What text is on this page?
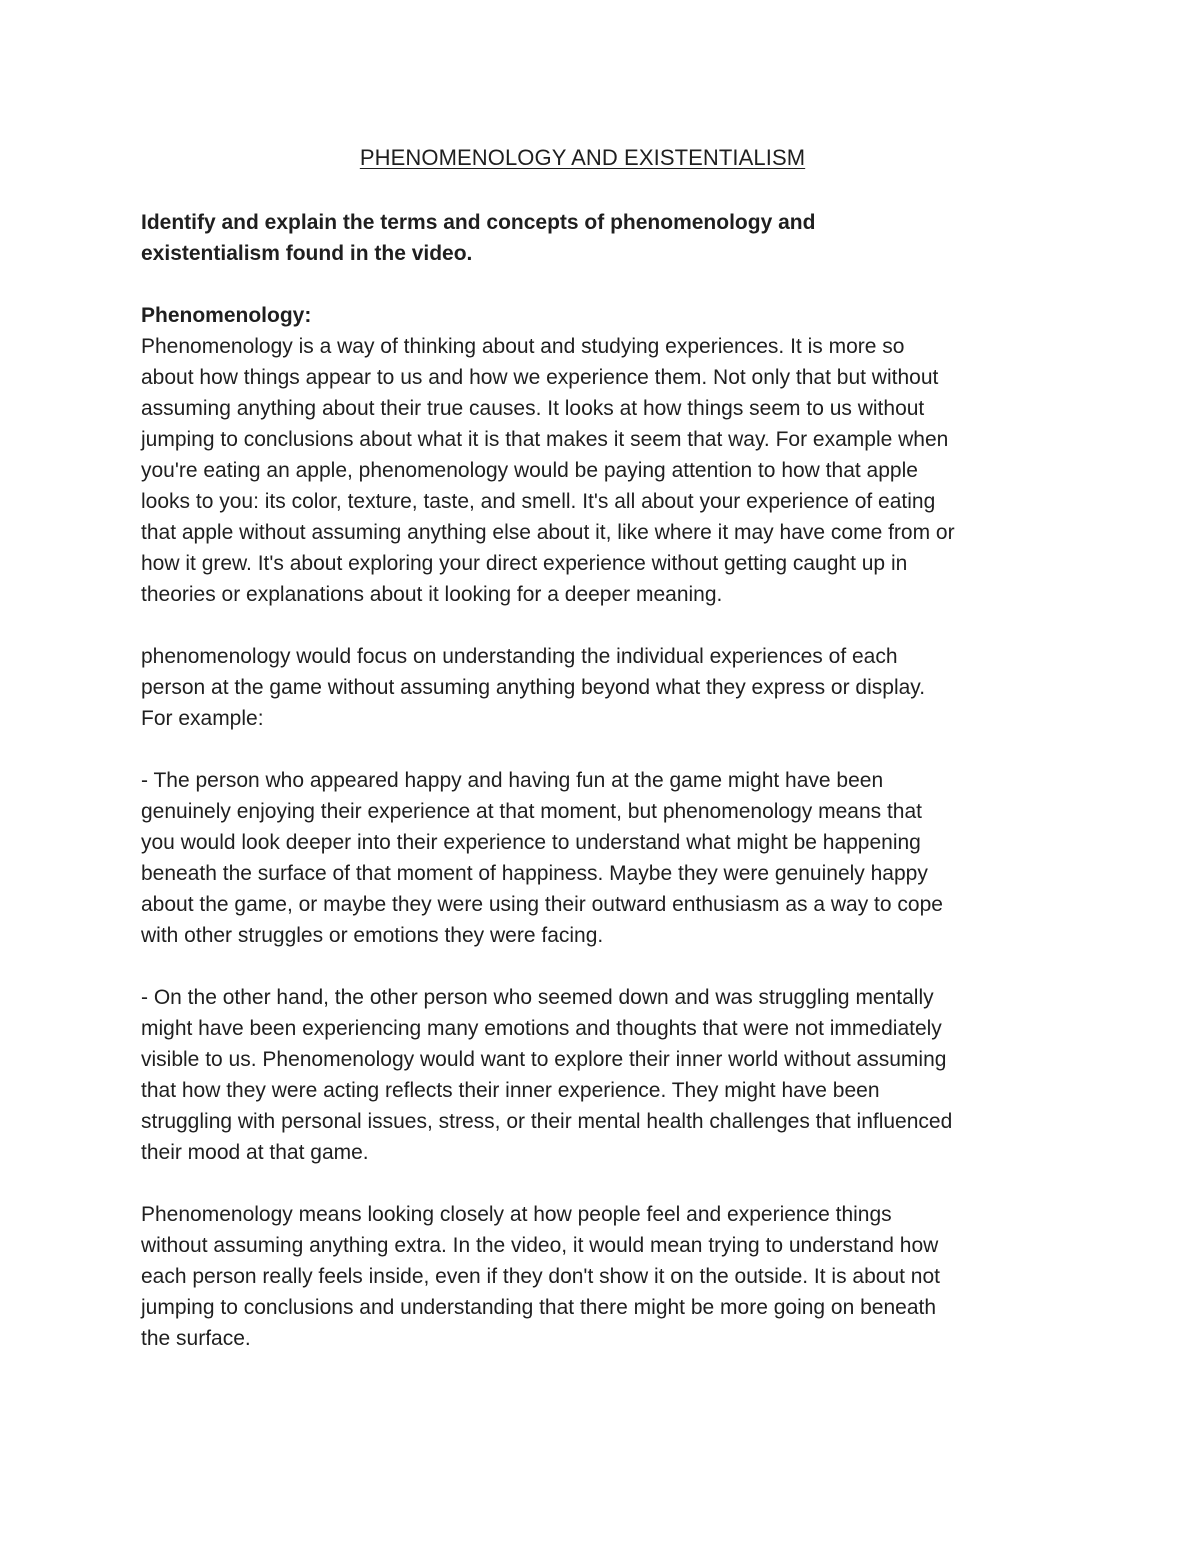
PHENOMENOLOGY AND EXISTENTIALISM
Identify and explain the terms and concepts of phenomenology and
existentialism found in the video.
Phenomenology:
Phenomenology is a way of thinking about and studying experiences. It is more so
about how things appear to us and how we experience them. Not only that but without
assuming anything about their true causes. It looks at how things seem to us without
jumping to conclusions about what it is that makes it seem that way. For example when
you're eating an apple, phenomenology would be paying attention to how that apple
looks to you: its color, texture, taste, and smell. It's all about your experience of eating
that apple without assuming anything else about it, like where it may have come from or
how it grew. It's about exploring your direct experience without getting caught up in
theories or explanations about it looking for a deeper meaning.
phenomenology would focus on understanding the individual experiences of each
person at the game without assuming anything beyond what they express or display.
For example:
- The person who appeared happy and having fun at the game might have been
genuinely enjoying their experience at that moment, but phenomenology means that
you would look deeper into their experience to understand what might be happening
beneath the surface of that moment of happiness. Maybe they were genuinely happy
about the game, or maybe they were using their outward enthusiasm as a way to cope
with other struggles or emotions they were facing.
- On the other hand, the other person who seemed down and was struggling mentally
might have been experiencing many emotions and thoughts that were not immediately
visible to us. Phenomenology would want to explore their inner world without assuming
that how they were acting reflects their inner experience. They might have been
struggling with personal issues, stress, or their mental health challenges that influenced
their mood at that game.
Phenomenology means looking closely at how people feel and experience things
without assuming anything extra. In the video, it would mean trying to understand how
each person really feels inside, even if they don't show it on the outside. It is about not
jumping to conclusions and understanding that there might be more going on beneath
the surface.
